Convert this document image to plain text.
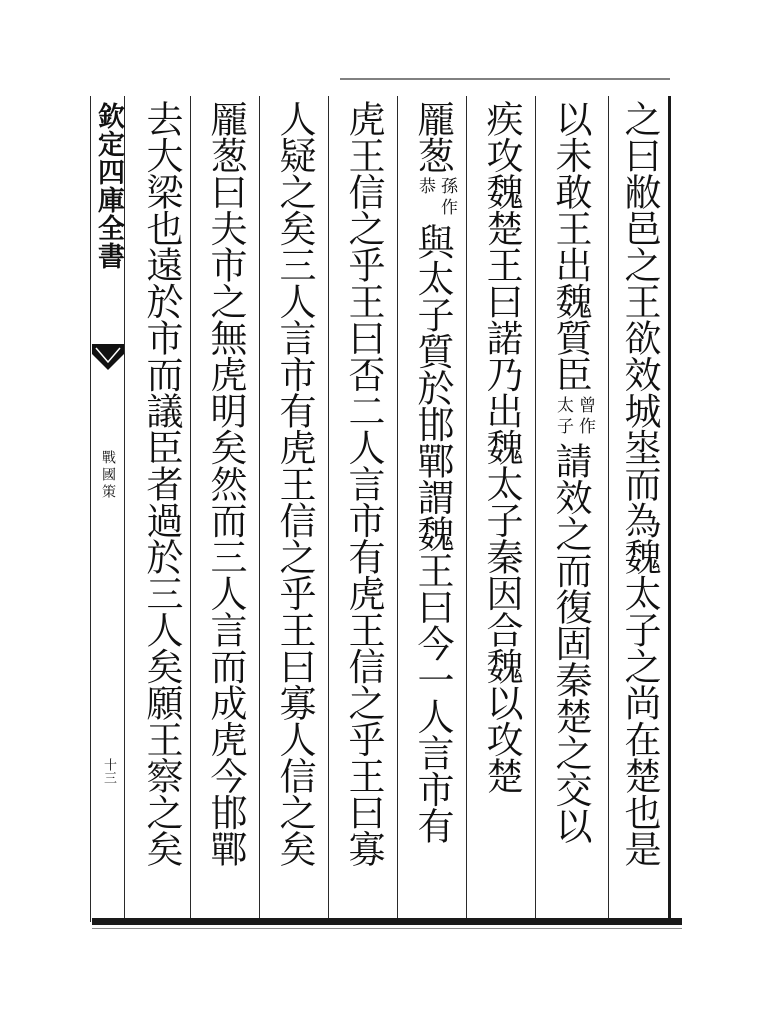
欽定四庫全書
戰國策
十三	之曰敝邑之王欲效城埊而為魏太子之尚在楚也是
以未敢王出魏質臣
曾作
太子
請效之而復固秦楚之交以
疾攻魏楚王曰諾乃出魏太子秦因合魏以攻楚
龎葱
孫作
恭
與太子質於邯鄲謂魏王曰今一人言市有
虎王信之乎王曰否二人言市有虎王信之乎王曰寡
人疑之矣三人言市有虎王信之乎王曰寡人信之矣
龎葱曰夫市之無虎明矣然而三人言而成虎今邯鄲
去大梁也遠於市而議臣者過於三人矣願王察之矣
